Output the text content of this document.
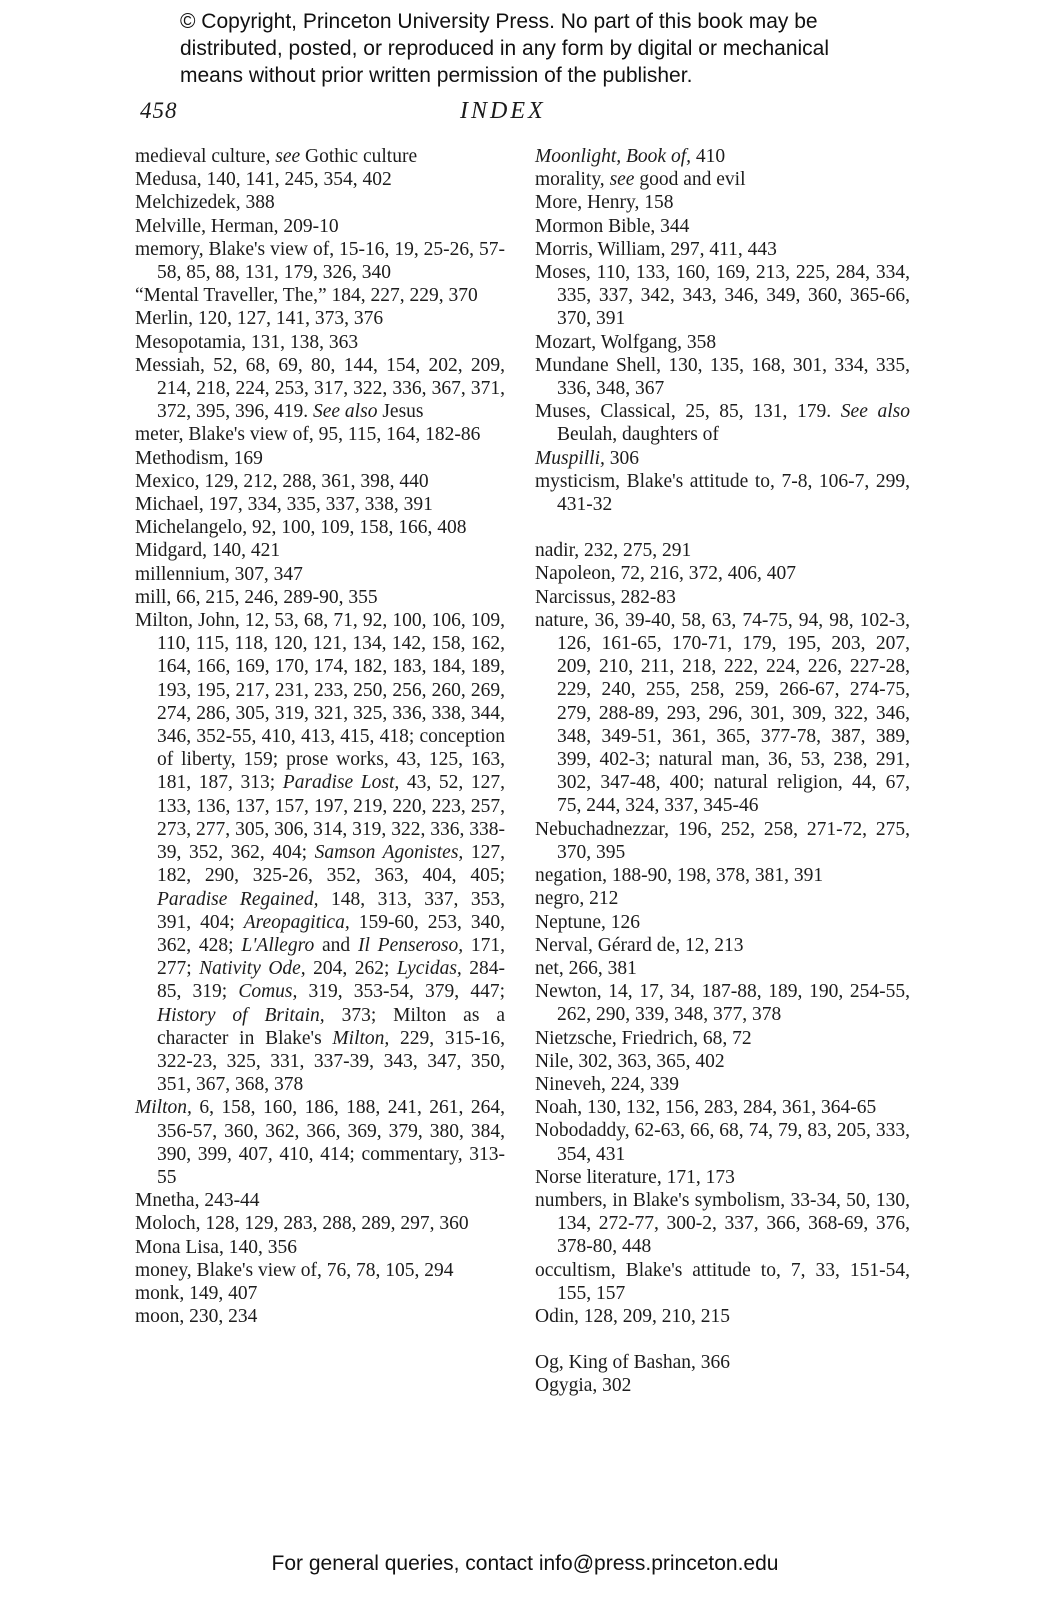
© Copyright, Princeton University Press. No part of this book may be
distributed, posted, or reproduced in any form by digital or mechanical
means without prior written permission of the publisher.
458	INDEX
medieval culture, see Gothic culture
Medusa, 140, 141, 245, 354, 402
Melchizedek, 388
Melville, Herman, 209-10
memory, Blake's view of, 15-16, 19, 25-26, 57-58, 85, 88, 131, 179, 326, 340
“Mental Traveller, The,” 184, 227, 229, 370
Merlin, 120, 127, 141, 373, 376
Mesopotamia, 131, 138, 363
Messiah, 52, 68, 69, 80, 144, 154, 202, 209, 214, 218, 224, 253, 317, 322, 336, 367, 371, 372, 395, 396, 419. See also Jesus
meter, Blake's view of, 95, 115, 164, 182-86
Methodism, 169
Mexico, 129, 212, 288, 361, 398, 440
Michael, 197, 334, 335, 337, 338, 391
Michelangelo, 92, 100, 109, 158, 166, 408
Midgard, 140, 421
millennium, 307, 347
mill, 66, 215, 246, 289-90, 355
Milton, John, 12, 53, 68, 71, 92, 100, 106, 109, 110, 115, 118, 120, 121, 134, 142, 158, 162, 164, 166, 169, 170, 174, 182, 183, 184, 189, 193, 195, 217, 231, 233, 250, 256, 260, 269, 274, 286, 305, 319, 321, 325, 336, 338, 344, 346, 352-55, 410, 413, 415, 418; conception of liberty, 159; prose works, 43, 125, 163, 181, 187, 313; Paradise Lost, 43, 52, 127, 133, 136, 137, 157, 197, 219, 220, 223, 257, 273, 277, 305, 306, 314, 319, 322, 336, 338-39, 352, 362, 404; Samson Agonistes, 127, 182, 290, 325-26, 352, 363, 404, 405; Paradise Regained, 148, 313, 337, 353, 391, 404; Areopagitica, 159-60, 253, 340, 362, 428; L'Allegro and Il Penseroso, 171, 277; Nativity Ode, 204, 262; Lycidas, 284-85, 319; Comus, 319, 353-54, 379, 447; History of Britain, 373; Milton as a character in Blake's Milton, 229, 315-16, 322-23, 325, 331, 337-39, 343, 347, 350, 351, 367, 368, 378
Milton, 6, 158, 160, 186, 188, 241, 261, 264, 356-57, 360, 362, 366, 369, 379, 380, 384, 390, 399, 407, 410, 414; commentary, 313-55
Mnetha, 243-44
Moloch, 128, 129, 283, 288, 289, 297, 360
Mona Lisa, 140, 356
money, Blake's view of, 76, 78, 105, 294
monk, 149, 407
moon, 230, 234
Moonlight, Book of, 410
morality, see good and evil
More, Henry, 158
Mormon Bible, 344
Morris, William, 297, 411, 443
Moses, 110, 133, 160, 169, 213, 225, 284, 334, 335, 337, 342, 343, 346, 349, 360, 365-66, 370, 391
Mozart, Wolfgang, 358
Mundane Shell, 130, 135, 168, 301, 334, 335, 336, 348, 367
Muses, Classical, 25, 85, 131, 179. See also Beulah, daughters of
Muspilli, 306
mysticism, Blake's attitude to, 7-8, 106-7, 299, 431-32
nadir, 232, 275, 291
Napoleon, 72, 216, 372, 406, 407
Narcissus, 282-83
nature, 36, 39-40, 58, 63, 74-75, 94, 98, 102-3, 126, 161-65, 170-71, 179, 195, 203, 207, 209, 210, 211, 218, 222, 224, 226, 227-28, 229, 240, 255, 258, 259, 266-67, 274-75, 279, 288-89, 293, 296, 301, 309, 322, 346, 348, 349-51, 361, 365, 377-78, 387, 389, 399, 402-3; natural man, 36, 53, 238, 291, 302, 347-48, 400; natural religion, 44, 67, 75, 244, 324, 337, 345-46
Nebuchadnezzar, 196, 252, 258, 271-72, 275, 370, 395
negation, 188-90, 198, 378, 381, 391
negro, 212
Neptune, 126
Nerval, Gérard de, 12, 213
net, 266, 381
Newton, 14, 17, 34, 187-88, 189, 190, 254-55, 262, 290, 339, 348, 377, 378
Nietzsche, Friedrich, 68, 72
Nile, 302, 363, 365, 402
Nineveh, 224, 339
Noah, 130, 132, 156, 283, 284, 361, 364-65
Nobodaddy, 62-63, 66, 68, 74, 79, 83, 205, 333, 354, 431
Norse literature, 171, 173
numbers, in Blake's symbolism, 33-34, 50, 130, 134, 272-77, 300-2, 337, 366, 368-69, 376, 378-80, 448
occultism, Blake's attitude to, 7, 33, 151-54, 155, 157
Odin, 128, 209, 210, 215
Og, King of Bashan, 366
Ogygia, 302
For general queries, contact info@press.princeton.edu
